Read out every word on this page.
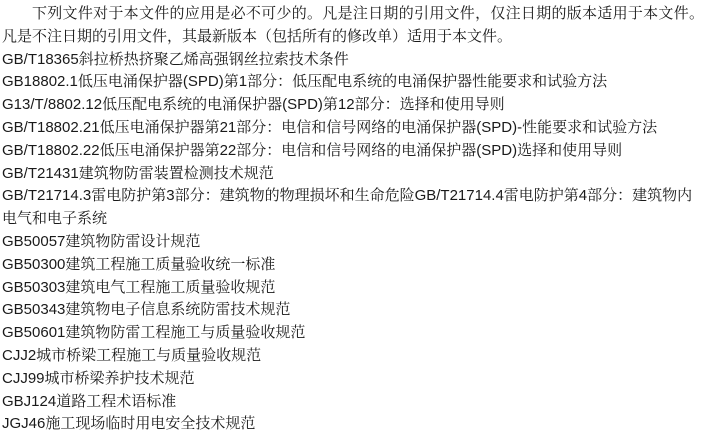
下列文件对于本文件的应用是必不可少的。凡是注日期的引用文件，仅注日期的版本适用于本文件。凡是不注日期的引用文件，其最新版本（包括所有的修改单）适用于本文件。

GB/T18365斜拉桥热挤聚乙烯高强钢丝拉索技术条件
GB18802.1低压电涌保护器(SPD)第1部分：低压配电系统的电涌保护器性能要求和试验方法
G13/T/8802.12低压配电系统的电涌保护器(SPD)第12部分：选择和使用导则
GB/T18802.21低压电涌保护器第21部分：电信和信号网络的电涌保护器(SPD)-性能要求和试验方法
GB/T18802.22低压电涌保护器第22部分：电信和信号网络的电涌保护器(SPD)选择和使用导则
GB/T21431建筑物防雷装置检测技术规范
GB/T21714.3雷电防护第3部分：建筑物的物理损坏和生命危险GB/T21714.4雷电防护第4部分：建筑物内电气和电子系统
GB50057建筑物防雷设计规范
GB50300建筑工程施工质量验收统一标准
GB50303建筑电气工程施工质量验收规范
GB50343建筑物电子信息系统防雷技术规范
GB50601建筑物防雷工程施工与质量验收规范
CJJ2城市桥梁工程施工与质量验收规范
CJJ99城市桥梁养护技术规范
GBJ124道路工程术语标准
JGJ46施工现场临时用电安全技术规范
